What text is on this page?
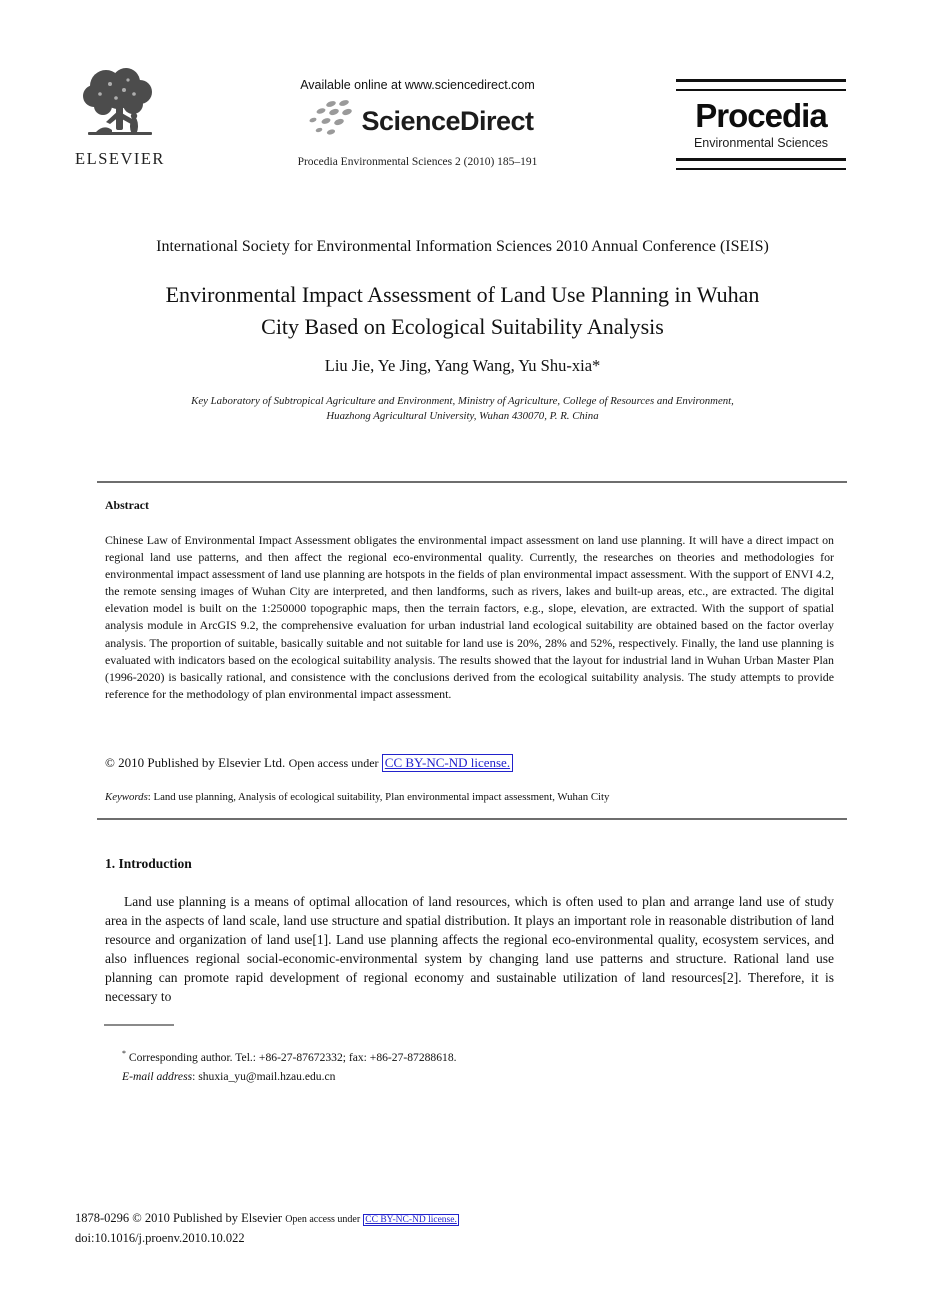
ELSEVIER
Available online at www.sciencedirect.com
ScienceDirect
Procedia Environmental Sciences 2 (2010) 185–191
Procedia
Environmental Sciences
International Society for Environmental Information Sciences 2010 Annual Conference (ISEIS)
Environmental Impact Assessment of Land Use Planning in Wuhan
City Based on Ecological Suitability Analysis
Liu Jie, Ye Jing, Yang Wang, Yu Shu-xia*
Key Laboratory of Subtropical Agriculture and Environment, Ministry of Agriculture, College of Resources and Environment,
Huazhong Agricultural University, Wuhan 430070, P. R. China
Abstract
Chinese Law of Environmental Impact Assessment obligates the environmental impact assessment on land use planning. It will have a direct impact on regional land use patterns, and then affect the regional eco-environmental quality. Currently, the researches on theories and methodologies for environmental impact assessment of land use planning are hotspots in the fields of plan environmental impact assessment. With the support of ENVI 4.2, the remote sensing images of Wuhan City are interpreted, and then landforms, such as rivers, lakes and built-up areas, etc., are extracted. The digital elevation model is built on the 1:250000 topographic maps, then the terrain factors, e.g., slope, elevation, are extracted. With the support of spatial analysis module in ArcGIS 9.2, the comprehensive evaluation for urban industrial land ecological suitability are obtained based on the factor overlay analysis. The proportion of suitable, basically suitable and not suitable for land use is 20%, 28% and 52%, respectively. Finally, the land use planning is evaluated with indicators based on the ecological suitability analysis. The results showed that the layout for industrial land in Wuhan Urban Master Plan (1996-2020) is basically rational, and consistence with the conclusions derived from the ecological suitability analysis. The study attempts to provide reference for the methodology of plan environmental impact assessment.
© 2010 Published by Elsevier Ltd. Open access under CC BY-NC-ND license.
Keywords: Land use planning, Analysis of ecological suitability, Plan environmental impact assessment, Wuhan City
1. Introduction
Land use planning is a means of optimal allocation of land resources, which is often used to plan and arrange land use of study area in the aspects of land scale, land use structure and spatial distribution. It plays an important role in reasonable distribution of land resource and organization of land use[1]. Land use planning affects the regional eco-environmental quality, ecosystem services, and also influences regional social-economic-environmental system by changing land use patterns and structure. Rational land use planning can promote rapid development of regional economy and sustainable utilization of land resources[2]. Therefore, it is necessary to
* Corresponding author. Tel.: +86-27-87672332; fax: +86-27-87288618.
E-mail address: shuxia_yu@mail.hzau.edu.cn
1878-0296 © 2010 Published by Elsevier Open access under CC BY-NC-ND license.
doi:10.1016/j.proenv.2010.10.022
